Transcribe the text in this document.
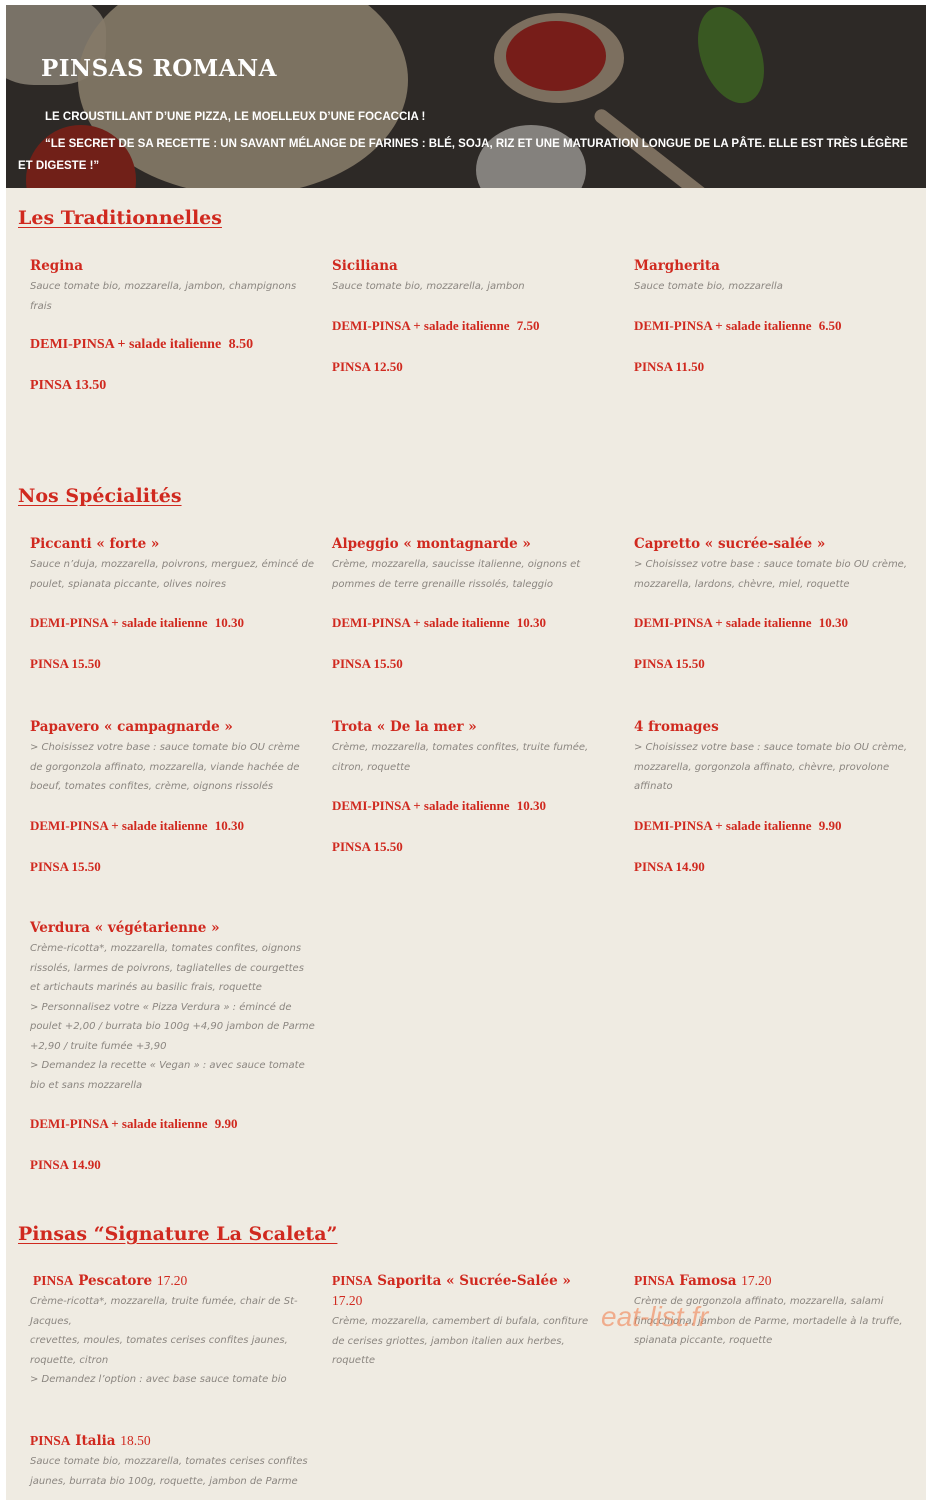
PINSAS ROMANA
LE CROUSTILLANT D’UNE PIZZA, LE MOELLEUX D’UNE FOCACCIA !
“LE SECRET DE SA RECETTE : UN SAVANT MÉLANGE DE FARINES : BLÉ, SOJA, RIZ ET UNE MATURATION LONGUE DE LA PÂTE. ELLE EST TRÈS LÉGÈRE ET DIGESTE !”
Les Traditionnelles
Regina
Sauce tomate bio, mozzarella, jambon, champignons frais
DEMI-PINSA + salade italienne 8.50
PINSA 13.50
Siciliana
Sauce tomate bio, mozzarella, jambon
DEMI-PINSA + salade italienne 7.50
PINSA 12.50
Margherita
Sauce tomate bio, mozzarella
DEMI-PINSA + salade italienne 6.50
PINSA 11.50
Nos Spécialités
Piccanti « forte »
Sauce n’duja, mozzarella, poivrons, merguez, émincé de poulet, spianata piccante, olives noires
DEMI-PINSA + salade italienne 10.30
PINSA 15.50
Alpeggio « montagnarde »
Crème, mozzarella, saucisse italienne, oignons et pommes de terre grenaille rissolés, taleggio
DEMI-PINSA + salade italienne 10.30
PINSA 15.50
Capretto « sucrée-salée »
> Choisissez votre base : sauce tomate bio OU crème, mozzarella, lardons, chèvre, miel, roquette
DEMI-PINSA + salade italienne 10.30
PINSA 15.50
Papavero « campagnarde »
> Choisissez votre base : sauce tomate bio OU crème de gorgonzola affinato, mozzarella, viande hachée de boeuf, tomates confites, crème, oignons rissolés
DEMI-PINSA + salade italienne 10.30
PINSA 15.50
Trota « De la mer »
Crème, mozzarella, tomates confites, truite fumée, citron, roquette
DEMI-PINSA + salade italienne 10.30
PINSA 15.50
4 fromages
> Choisissez votre base : sauce tomate bio OU crème, mozzarella, gorgonzola affinato, chèvre, provolone affinato
DEMI-PINSA + salade italienne 9.90
PINSA 14.90
Verdura « végétarienne »
Crème-ricotta*, mozzarella, tomates confites, oignons rissolés, larmes de poivrons, tagliatelles de courgettes et artichauts marinés au basilic frais, roquette
> Personnalisez votre « Pizza Verdura » : émincé de poulet +2,00 / burrata bio 100g +4,90 jambon de Parme +2,90 / truite fumée +3,90
> Demandez la recette « Vegan » : avec sauce tomate bio et sans mozzarella
DEMI-PINSA + salade italienne 9.90
PINSA 14.90
Pinsas “Signature La Scaleta”
PINSA Pescatore 17.20
Crème-ricotta*, mozzarella, truite fumée, chair de St-Jacques,
crevettes, moules, tomates cerises confites jaunes, roquette, citron
> Demandez l’option : avec base sauce tomate bio
PINSA Saporita « Sucrée-Salée » 17.20
Crème, mozzarella, camembert di bufala, confiture de cerises griottes, jambon italien aux herbes, roquette
PINSA Famosa 17.20
Crème de gorgonzola affinato, mozzarella, salami finocchiona, jambon de Parme, mortadelle à la truffe, spianata piccante, roquette
PINSA Italia 18.50
Sauce tomate bio, mozzarella, tomates cerises confites jaunes, burrata bio 100g, roquette, jambon de Parme
eat-list.fr
